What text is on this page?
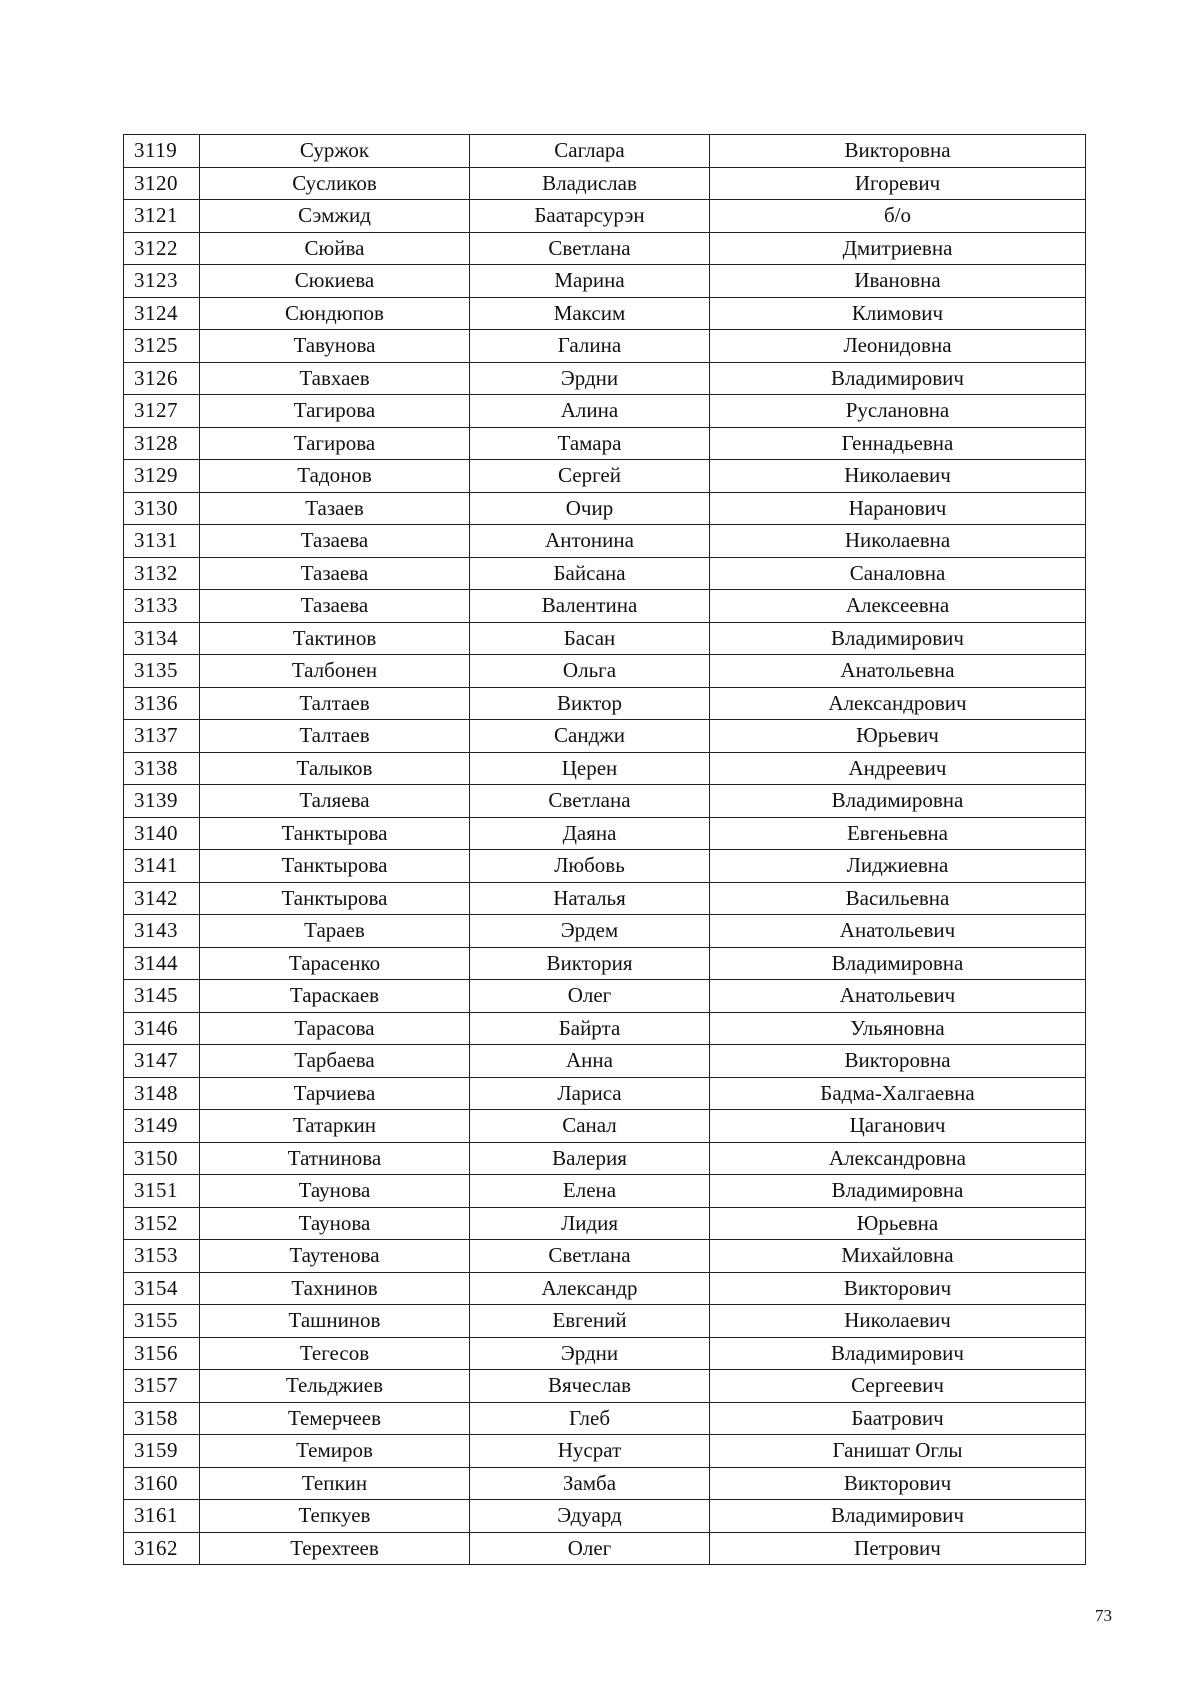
3119	Суржок	Саглара	Викторовна
3120	Сусликов	Владислав	Игоревич
3121	Сэмжид	Баатарсурэн	б/о
3122	Сюйва	Светлана	Дмитриевна
3123	Сюкиева	Марина	Ивановна
3124	Сюндюпов	Максим	Климович
3125	Тавунова	Галина	Леонидовна
3126	Тавхаев	Эрдни	Владимирович
3127	Тагирова	Алина	Руслановна
3128	Тагирова	Тамара	Геннадьевна
3129	Тадонов	Сергей	Николаевич
3130	Тазаев	Очир	Наранович
3131	Тазаева	Антонина	Николаевна
3132	Тазаева	Байсана	Саналовна
3133	Тазаева	Валентина	Алексеевна
3134	Тактинов	Басан	Владимирович
3135	Талбонен	Ольга	Анатольевна
3136	Талтаев	Виктор	Александрович
3137	Талтаев	Санджи	Юрьевич
3138	Талыков	Церен	Андреевич
3139	Таляева	Светлана	Владимировна
3140	Танктырова	Даяна	Евгеньевна
3141	Танктырова	Любовь	Лиджиевна
3142	Танктырова	Наталья	Васильевна
3143	Тараев	Эрдем	Анатольевич
3144	Тарасенко	Виктория	Владимировна
3145	Тараскаев	Олег	Анатольевич
3146	Тарасова	Байрта	Ульяновна
3147	Тарбаева	Анна	Викторовна
3148	Тарчиева	Лариса	Бадма-Халгаевна
3149	Татаркин	Санал	Цаганович
3150	Татнинова	Валерия	Александровна
3151	Таунова	Елена	Владимировна
3152	Таунова	Лидия	Юрьевна
3153	Таутенова	Светлана	Михайловна
3154	Тахнинов	Александр	Викторович
3155	Ташнинов	Евгений	Николаевич
3156	Тегесов	Эрдни	Владимирович
3157	Тельджиев	Вячеслав	Сергеевич
3158	Темерчеев	Глеб	Баатрович
3159	Темиров	Нусрат	Ганишат Оглы
3160	Тепкин	Замба	Викторович
3161	Тепкуев	Эдуард	Владимирович
3162	Терехтеев	Олег	Петрович
73
